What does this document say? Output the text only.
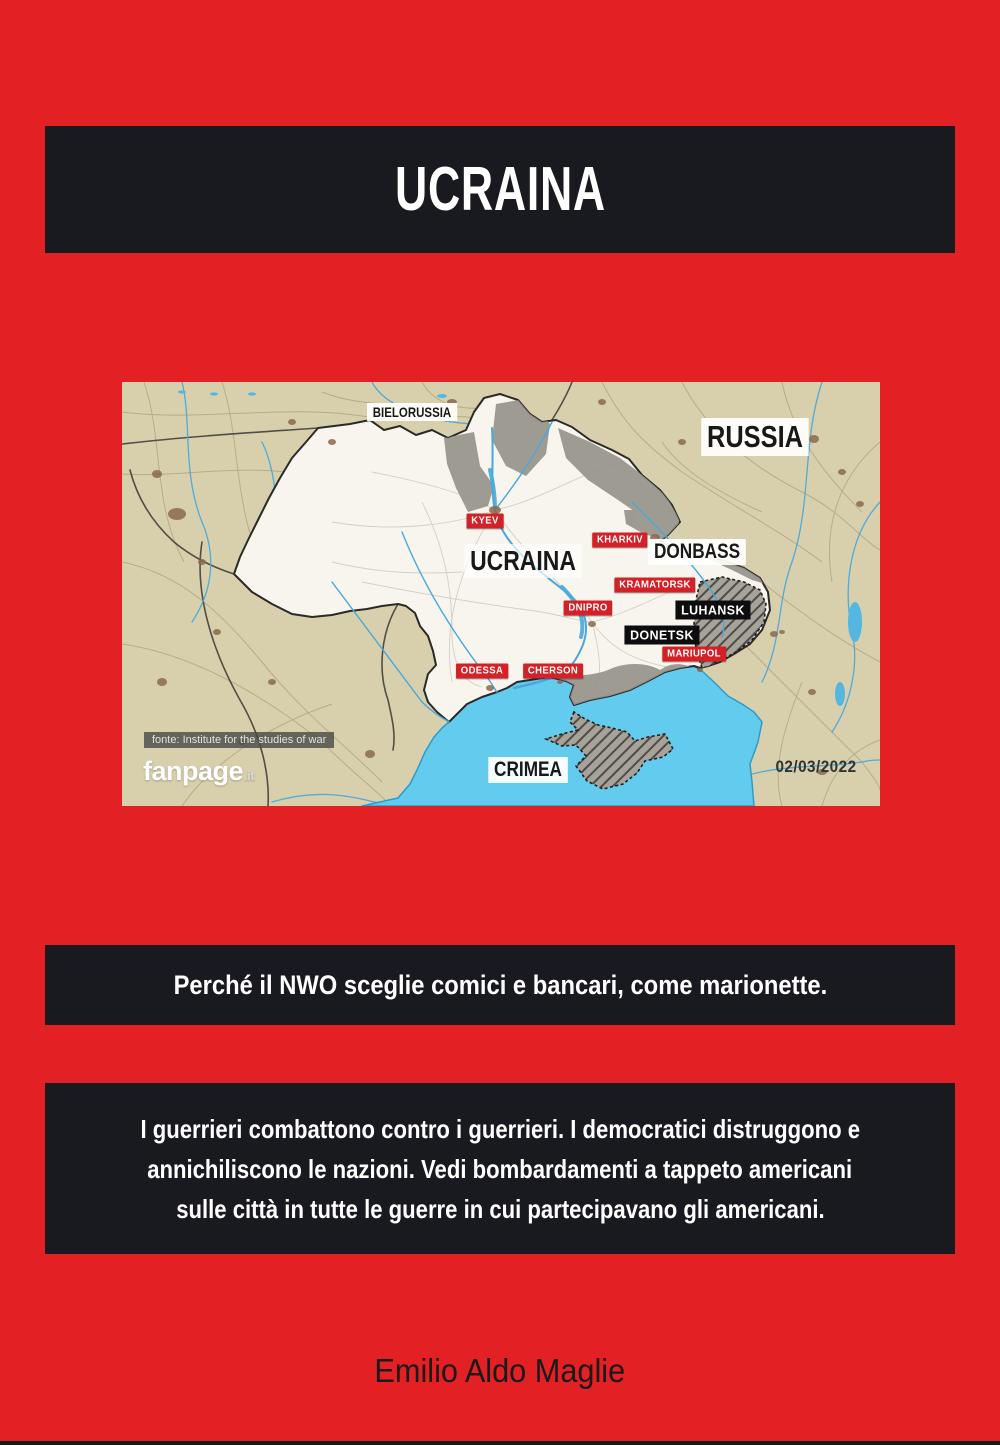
UCRAINA
BIELORUSSIA
RUSSIA
UCRAINA	DONBASS
CRIMEA
KYEV
KHARKIV
KRAMATORSK
DNIPRO	LUHANSK
DONETSK
MARIUPOL
ODESSA	CHERSON
fonte: Institute for the studies of war
fanpage.it	02/03/2022
Perché il NWO sceglie comici e bancari, come marionette.
I guerrieri combattono contro i guerrieri. I democratici distruggono e
annichiliscono le nazioni. Vedi bombardamenti a tappeto americani
sulle città in tutte le guerre in cui partecipavano gli americani.
Emilio Aldo Maglie
